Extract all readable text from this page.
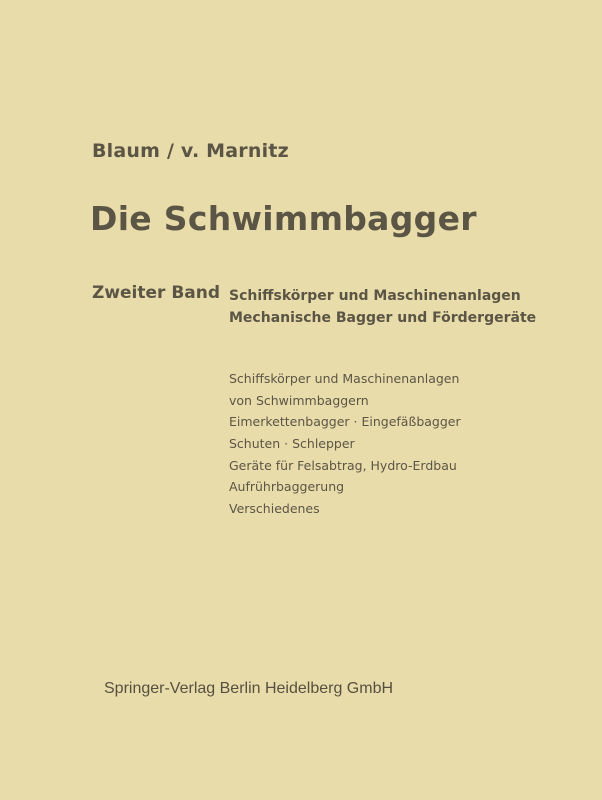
Blaum / v. Marnitz
Die Schwimmbagger
Zweiter Band Schiffskörper und Maschinenanlagen
Mechanische Bagger und Fördergeräte
Schiffskörper und Maschinenanlagen
von Schwimmbaggern
Eimerkettenbagger · Eingefäßbagger
Schuten · Schlepper
Geräte für Felsabtrag, Hydro-Erdbau
Aufrührbaggerung
Verschiedenes
Springer-Verlag Berlin Heidelberg GmbH
